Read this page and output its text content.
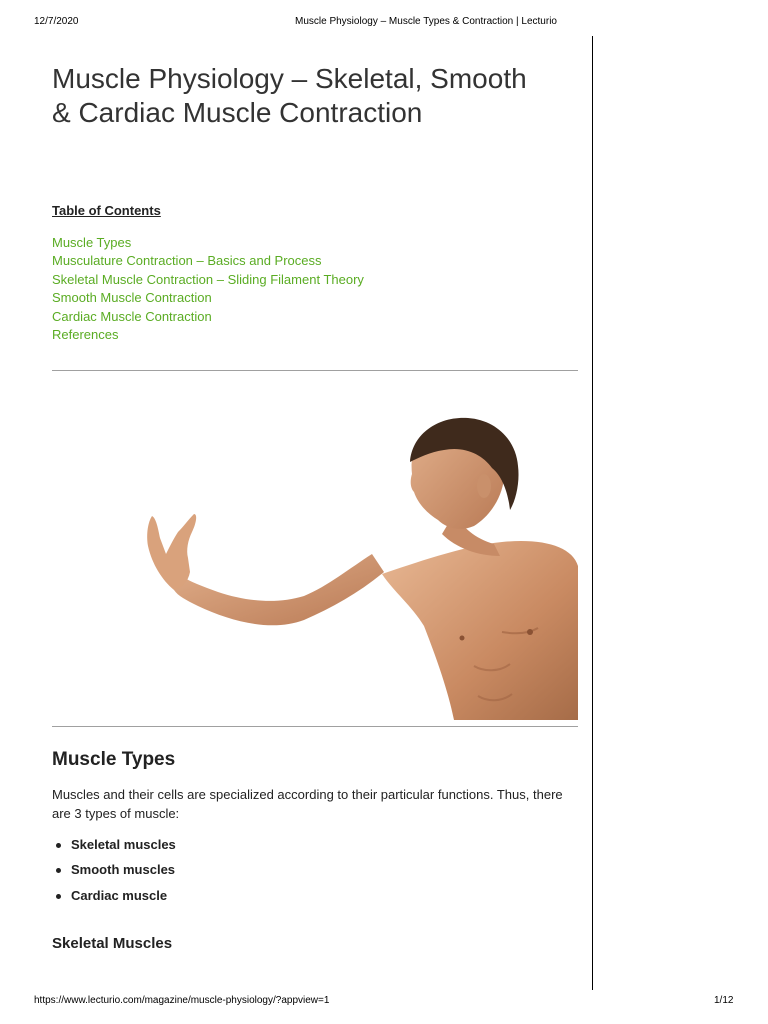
12/7/2020	Muscle Physiology – Muscle Types & Contraction | Lecturio
Muscle Physiology – Skeletal, Smooth
& Cardiac Muscle Contraction

Table of Contents

Muscle Types
Musculature Contraction – Basics and Process
Skeletal Muscle Contraction – Sliding Filament Theory
Smooth Muscle Contraction
Cardiac Muscle Contraction
References
Muscle Types

Muscles and their cells are specialized according to their particular functions. Thus, there are 3 types of muscle:

Skeletal muscles
Smooth muscles
Cardiac muscle
Skeletal Muscles
https://www.lecturio.com/magazine/muscle-physiology/?appview=1	1/12
